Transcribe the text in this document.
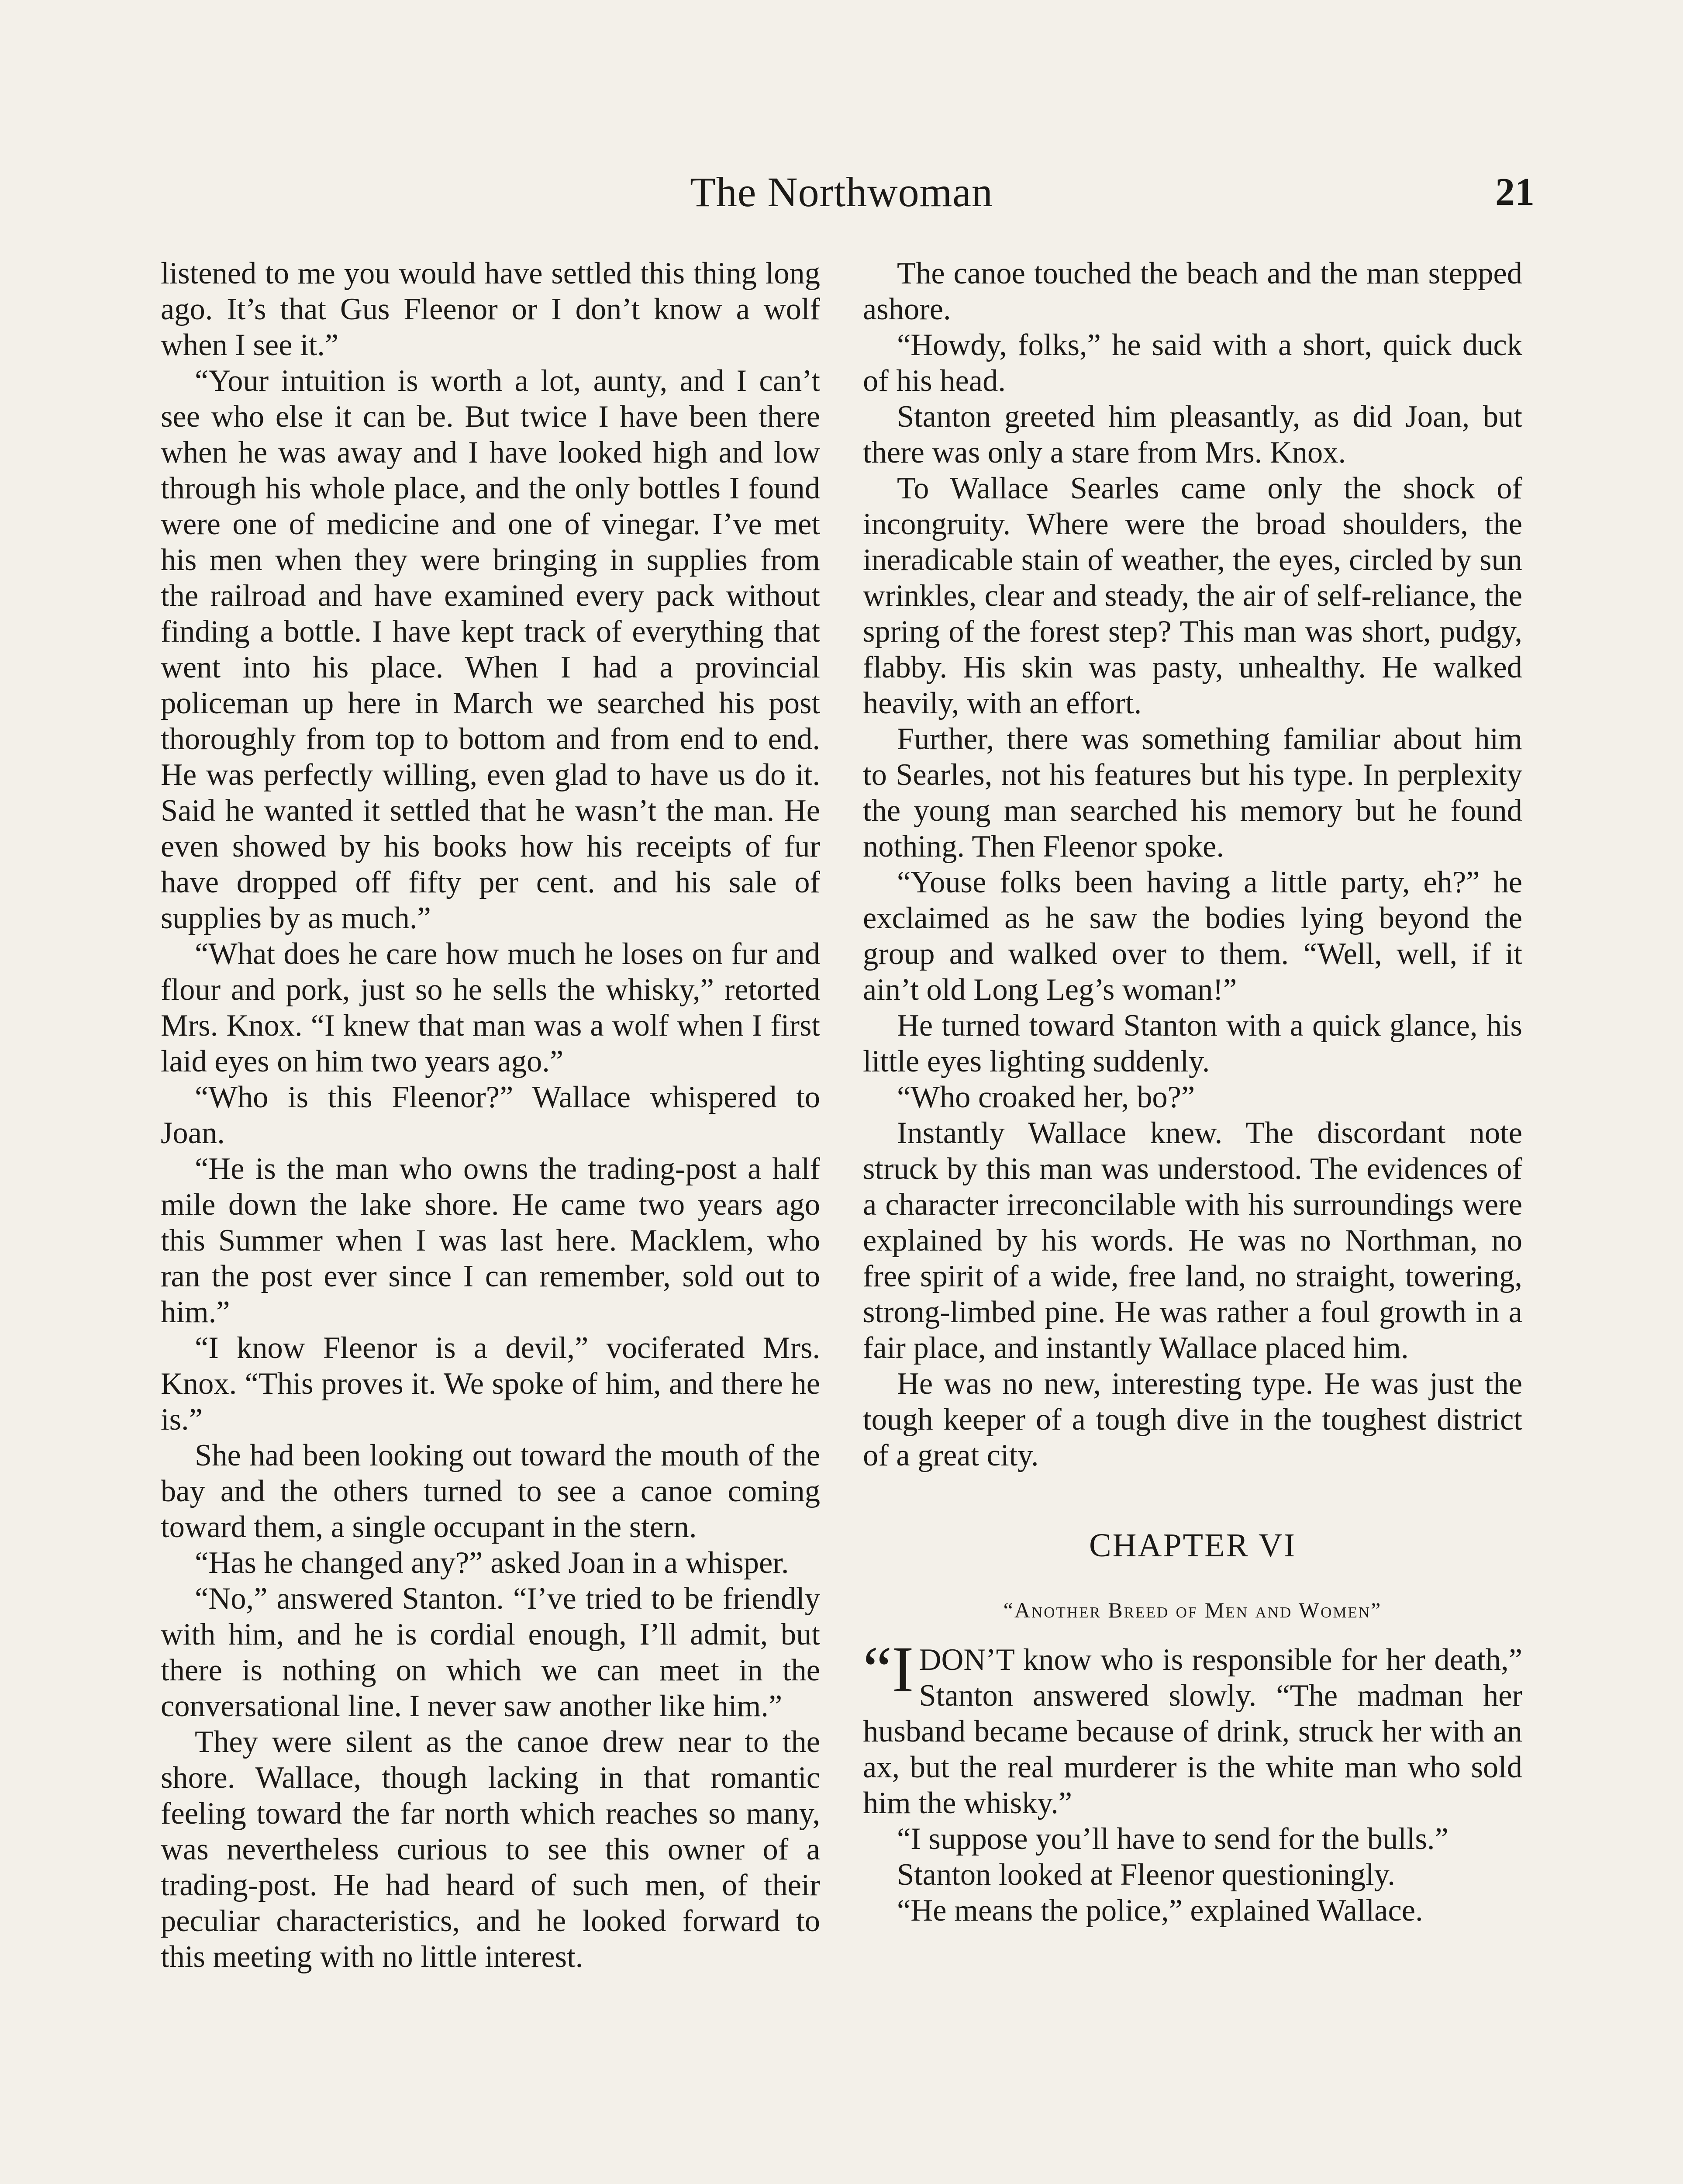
The Northwoman	21

listened to me you would have settled this thing long ago. It’s that Gus Fleenor or I don’t know a wolf when I see it.”

“Your intuition is worth a lot, aunty, and I can’t see who else it can be. But twice I have been there when he was away and I have looked high and low through his whole place, and the only bottles I found were one of medicine and one of vinegar. I’ve met his men when they were bringing in supplies from the railroad and have examined every pack without finding a bottle. I have kept track of everything that went into his place. When I had a provincial policeman up here in March we searched his post thoroughly from top to bottom and from end to end. He was perfectly willing, even glad to have us do it. Said he wanted it settled that he wasn’t the man. He even showed by his books how his receipts of fur have dropped off fifty per cent. and his sale of supplies by as much.”

“What does he care how much he loses on fur and flour and pork, just so he sells the whisky,” retorted Mrs. Knox. “I knew that man was a wolf when I first laid eyes on him two years ago.”

“Who is this Fleenor?” Wallace whispered to Joan.

“He is the man who owns the trading-post a half mile down the lake shore. He came two years ago this Summer when I was last here. Macklem, who ran the post ever since I can remember, sold out to him.”

“I know Fleenor is a devil,” vociferated Mrs. Knox. “This proves it. We spoke of him, and there he is.”

She had been looking out toward the mouth of the bay and the others turned to see a canoe coming toward them, a single occupant in the stern.

“Has he changed any?” asked Joan in a whisper.

“No,” answered Stanton. “I’ve tried to be friendly with him, and he is cordial enough, I’ll admit, but there is nothing on which we can meet in the conversational line. I never saw another like him.”

They were silent as the canoe drew near to the shore. Wallace, though lacking in that romantic feeling toward the far north which reaches so many, was nevertheless curious to see this owner of a trading-post. He had heard of such men, of their peculiar characteristics, and he looked forward to this meeting with no little interest.

The canoe touched the beach and the man stepped ashore.

“Howdy, folks,” he said with a short, quick duck of his head.

Stanton greeted him pleasantly, as did Joan, but there was only a stare from Mrs. Knox.

To Wallace Searles came only the shock of incongruity. Where were the broad shoulders, the ineradicable stain of weather, the eyes, circled by sun wrinkles, clear and steady, the air of self-reliance, the spring of the forest step? This man was short, pudgy, flabby. His skin was pasty, unhealthy. He walked heavily, with an effort.

Further, there was something familiar about him to Searles, not his features but his type. In perplexity the young man searched his memory but he found nothing. Then Fleenor spoke.

“Youse folks been having a little party, eh?” he exclaimed as he saw the bodies lying beyond the group and walked over to them. “Well, well, if it ain’t old Long Leg’s woman!”

He turned toward Stanton with a quick glance, his little eyes lighting suddenly.

“Who croaked her, bo?”

Instantly Wallace knew. The discordant note struck by this man was understood. The evidences of a character irreconcilable with his surroundings were explained by his words. He was no Northman, no free spirit of a wide, free land, no straight, towering, strong-limbed pine. He was rather a foul growth in a fair place, and instantly Wallace placed him.

He was no new, interesting type. He was just the tough keeper of a tough dive in the toughest district of a great city.

CHAPTER VI
“Another Breed of Men and Women”

“I DON’T know who is responsible for her death,” Stanton answered slowly. “The madman her husband became because of drink, struck her with an ax, but the real murderer is the white man who sold him the whisky.”

“I suppose you’ll have to send for the bulls.”

Stanton looked at Fleenor questioningly.

“He means the police,” explained Wallace.
